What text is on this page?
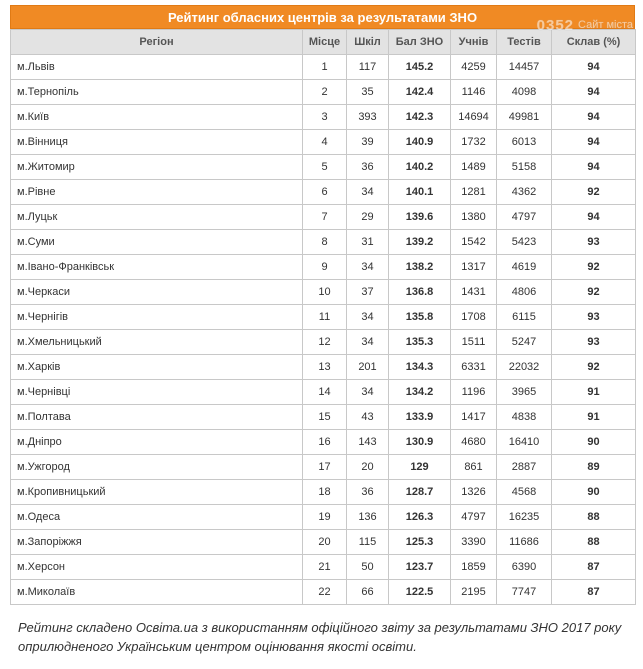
Рейтинг обласних центрів за результатами ЗНО
Регіон	Місце	Шкіл	Бал ЗНО	Учнів	Тестів	Склав (%)
м.Львів	1	117	145.2	4259	14457	94
м.Тернопіль	2	35	142.4	1146	4098	94
м.Київ	3	393	142.3	14694	49981	94
м.Вінниця	4	39	140.9	1732	6013	94
м.Житомир	5	36	140.2	1489	5158	94
м.Рівне	6	34	140.1	1281	4362	92
м.Луцьк	7	29	139.6	1380	4797	94
м.Суми	8	31	139.2	1542	5423	93
м.Івано-Франківськ	9	34	138.2	1317	4619	92
м.Черкаси	10	37	136.8	1431	4806	92
м.Чернігів	11	34	135.8	1708	6115	93
м.Хмельницький	12	34	135.3	1511	5247	93
м.Харків	13	201	134.3	6331	22032	92
м.Чернівці	14	34	134.2	1196	3965	91
м.Полтава	15	43	133.9	1417	4838	91
м.Дніпро	16	143	130.9	4680	16410	90
м.Ужгород	17	20	129	861	2887	89
м.Кропивницький	18	36	128.7	1326	4568	90
м.Одеса	19	136	126.3	4797	16235	88
м.Запоріжжя	20	115	125.3	3390	11686	88
м.Херсон	21	50	123.7	1859	6390	87
м.Миколаїв	22	66	122.5	2195	7747	87
0352 Сайт міста
Рейтинг складено Освіта.ua з використанням офіційного звіту за результатами ЗНО 2017 року оприлюдненого Українським центром оцінювання якості освіти.
